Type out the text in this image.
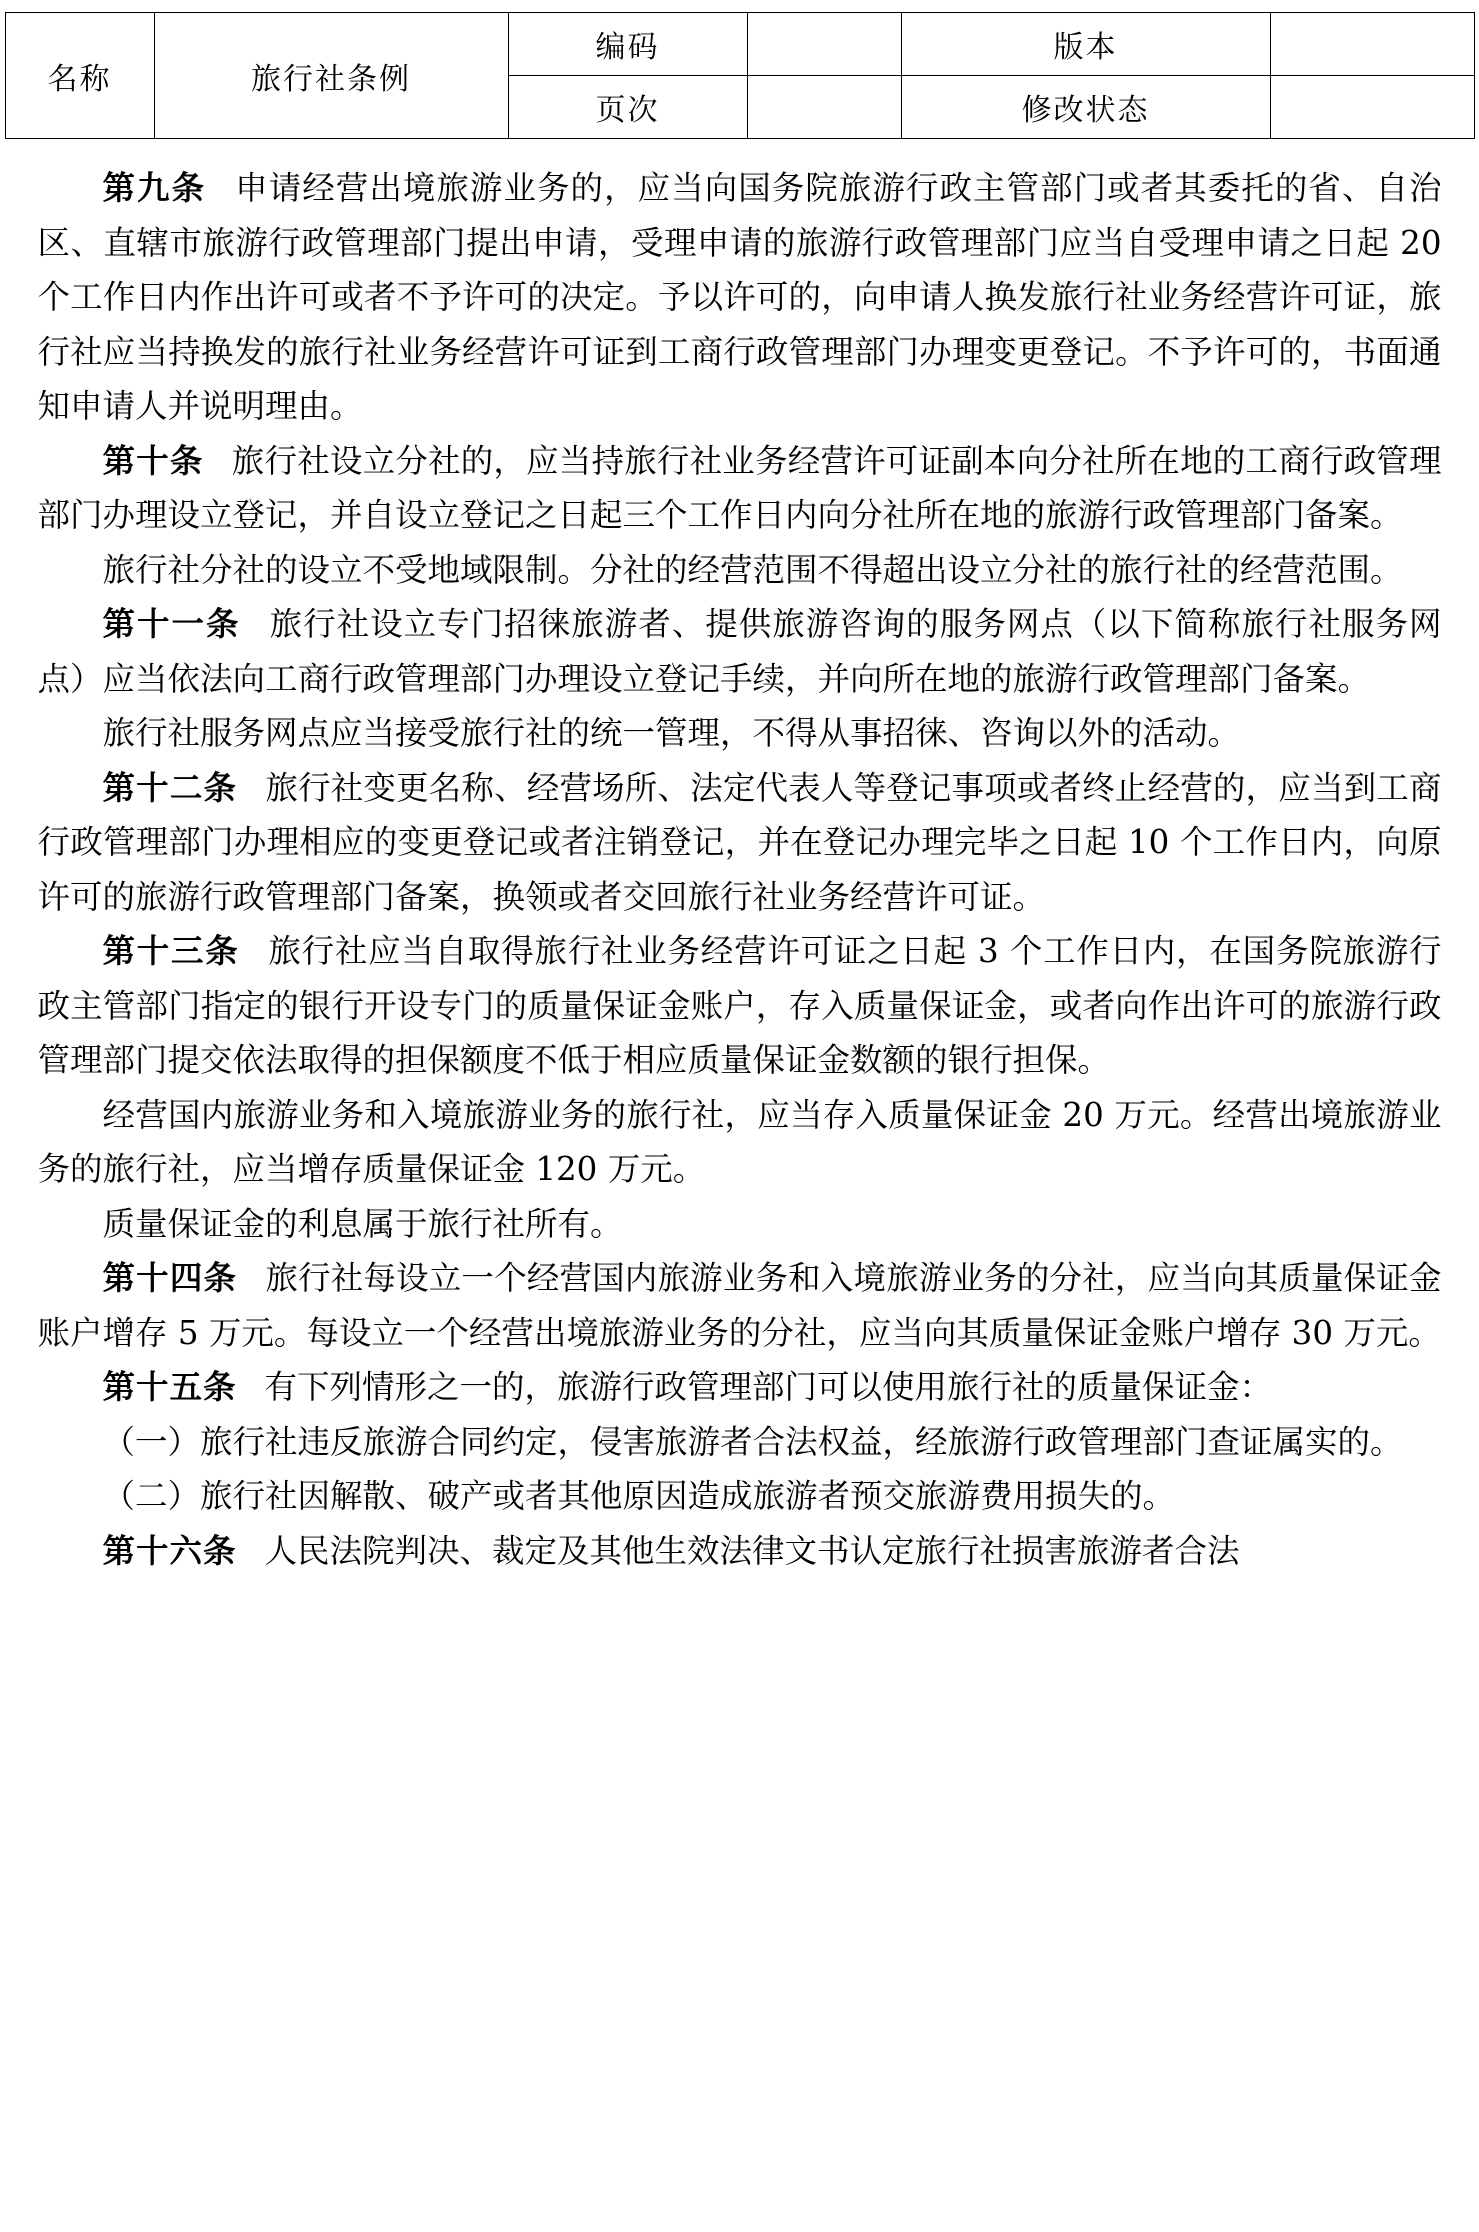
名称	旅行社条例	编码		版本	
		页次		修改状态	

第九条 申请经营出境旅游业务的，应当向国务院旅游行政主管部门或者其委托的省、自治区、直辖市旅游行政管理部门提出申请，受理申请的旅游行政管理部门应当自受理申请之日起 20 个工作日内作出许可或者不予许可的决定。予以许可的，向申请人换发旅行社业务经营许可证，旅行社应当持换发的旅行社业务经营许可证到工商行政管理部门办理变更登记。不予许可的，书面通知申请人并说明理由。

第十条 旅行社设立分社的，应当持旅行社业务经营许可证副本向分社所在地的工商行政管理部门办理设立登记，并自设立登记之日起三个工作日内向分社所在地的旅游行政管理部门备案。

旅行社分社的设立不受地域限制。分社的经营范围不得超出设立分社的旅行社的经营范围。

第十一条 旅行社设立专门招徕旅游者、提供旅游咨询的服务网点（以下简称旅行社服务网点）应当依法向工商行政管理部门办理设立登记手续，并向所在地的旅游行政管理部门备案。

旅行社服务网点应当接受旅行社的统一管理，不得从事招徕、咨询以外的活动。

第十二条 旅行社变更名称、经营场所、法定代表人等登记事项或者终止经营的，应当到工商行政管理部门办理相应的变更登记或者注销登记，并在登记办理完毕之日起 10 个工作日内，向原许可的旅游行政管理部门备案，换领或者交回旅行社业务经营许可证。

第十三条 旅行社应当自取得旅行社业务经营许可证之日起 3 个工作日内，在国务院旅游行政主管部门指定的银行开设专门的质量保证金账户，存入质量保证金，或者向作出许可的旅游行政管理部门提交依法取得的担保额度不低于相应质量保证金数额的银行担保。

经营国内旅游业务和入境旅游业务的旅行社，应当存入质量保证金 20 万元。经营出境旅游业务的旅行社，应当增存质量保证金 120 万元。

质量保证金的利息属于旅行社所有。

第十四条 旅行社每设立一个经营国内旅游业务和入境旅游业务的分社，应当向其质量保证金账户增存 5 万元。每设立一个经营出境旅游业务的分社，应当向其质量保证金账户增存 30 万元。

第十五条 有下列情形之一的，旅游行政管理部门可以使用旅行社的质量保证金：

（一）旅行社违反旅游合同约定，侵害旅游者合法权益，经旅游行政管理部门查证属实的。

（二）旅行社因解散、破产或者其他原因造成旅游者预交旅游费用损失的。

第十六条 人民法院判决、裁定及其他生效法律文书认定旅行社损害旅游者合法
